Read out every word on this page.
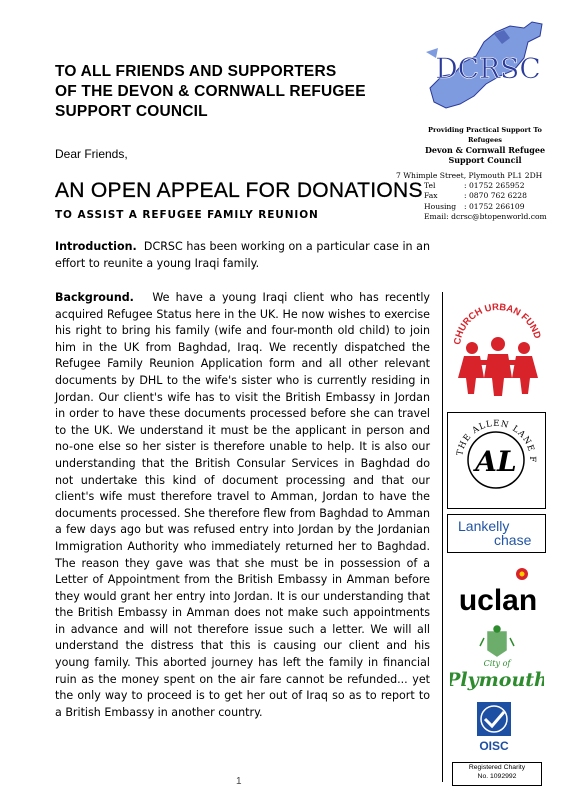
TO ALL FRIENDS AND SUPPORTERS
OF THE DEVON & CORNWALL REFUGEE
SUPPORT COUNCIL
Dear Friends,
AN OPEN APPEAL FOR DONATIONS
TO ASSIST A REFUGEE FAMILY REUNION
Introduction. DCRSC has been working on a particular case in an effort to reunite a young Iraqi family.
Background. We have a young Iraqi client who has recently acquired Refugee Status here in the UK. He now wishes to exercise his right to bring his family (wife and four-month old child) to join him in the UK from Baghdad, Iraq. We recently dispatched the Refugee Family Reunion Application form and all other relevant documents by DHL to the wife's sister who is currently residing in Jordan. Our client's wife has to visit the British Embassy in Jordan in order to have these documents processed before she can travel to the UK. We understand it must be the applicant in person and no-one else so her sister is therefore unable to help. It is also our understanding that the British Consular Services in Baghdad do not undertake this kind of document processing and that our client's wife must therefore travel to Amman, Jordan to have the documents processed. She therefore flew from Baghdad to Amman a few days ago but was refused entry into Jordan by the Jordanian Immigration Authority who immediately returned her to Baghdad. The reason they gave was that she must be in possession of a Letter of Appointment from the British Embassy in Amman before they would grant her entry into Jordan. It is our understanding that the British Embassy in Amman does not make such appointments in advance and will not therefore issue such a letter. We will all understand the distress that this is causing our client and his young family. This aborted journey has left the family in financial ruin as the money spent on the air fare cannot be refunded... yet the only way to proceed is to get her out of Iraq so as to report to a British Embassy in another country.
DCRSC
Providing Practical Support To Refugees
Devon & Cornwall Refugee
Support Council
7 Whimple Street, Plymouth PL1 2DH
Tel	: 01752 265952
Fax	: 0870 762 6228
Housing	: 01752 266109
Email: dcrsc@btopenworld.com
CHURCH URBAN FUND
THE ALLEN LANE F
AL
Lankelly
chase
uclan
City of
Plymouth
OISC
Registered Charity
No. 1092992
1
